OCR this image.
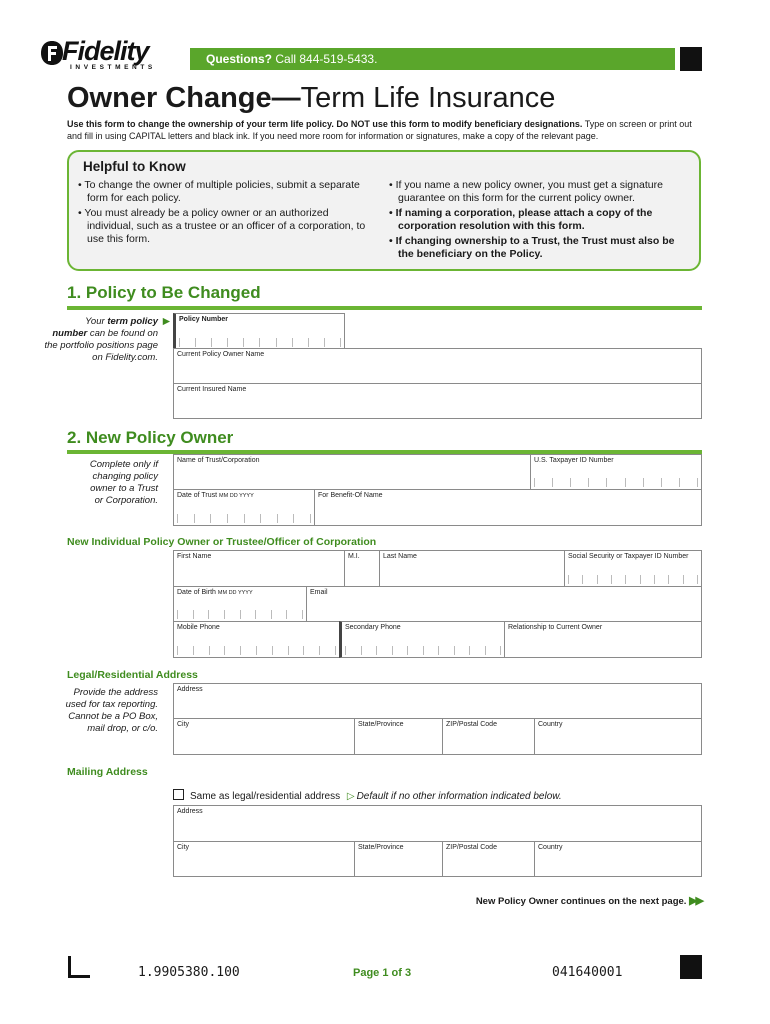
Fidelity
INVESTMENTS
Questions? Call 844-519-5433.
Owner Change—Term Life Insurance
Use this form to change the ownership of your term life policy. Do NOT use this form to modify beneficiary designations. Type on screen or print out and fill in using CAPITAL letters and black ink. If you need more room for information or signatures, make a copy of the relevant page.
Helpful to Know
• To change the owner of multiple policies, submit a separate form for each policy.
• You must already be a policy owner or an authorized individual, such as a trustee or an officer of a corporation, to use this form.
• If you name a new policy owner, you must get a signature guarantee on this form for the current policy owner.
• If naming a corporation, please attach a copy of the corporation resolution with this form.
• If changing ownership to a Trust, the Trust must also be the beneficiary on the Policy.
1. Policy to Be Changed
Your term policy ▶

number can be found on the portfolio positions page on Fidelity.com.
Policy Number
Current Policy Owner Name
Current Insured Name
2. New Policy Owner
Complete only if changing policy owner to a Trust or Corporation.
Name of Trust/Corporation	U.S. Taxpayer ID Number
Date of Trust MM DD YYYY	For Benefit-Of Name
New Individual Policy Owner or Trustee/Officer of Corporation
First Name	M.I.	Last Name	Social Security or Taxpayer ID Number
Date of Birth MM DD YYYY	Email
Mobile Phone	Secondary Phone	Relationship to Current Owner
Legal/Residential Address
Provide the address used for tax reporting. Cannot be a PO Box, mail drop, or c/o.
Address
City	State/Province	ZIP/Postal Code	Country
Mailing Address
Same as legal/residential address ▷ Default if no other information indicated below.
Address
City	State/Province	ZIP/Postal Code	Country
New Policy Owner continues on the next page. ▶▶
1.9905380.100	Page 1 of 3	041640001
